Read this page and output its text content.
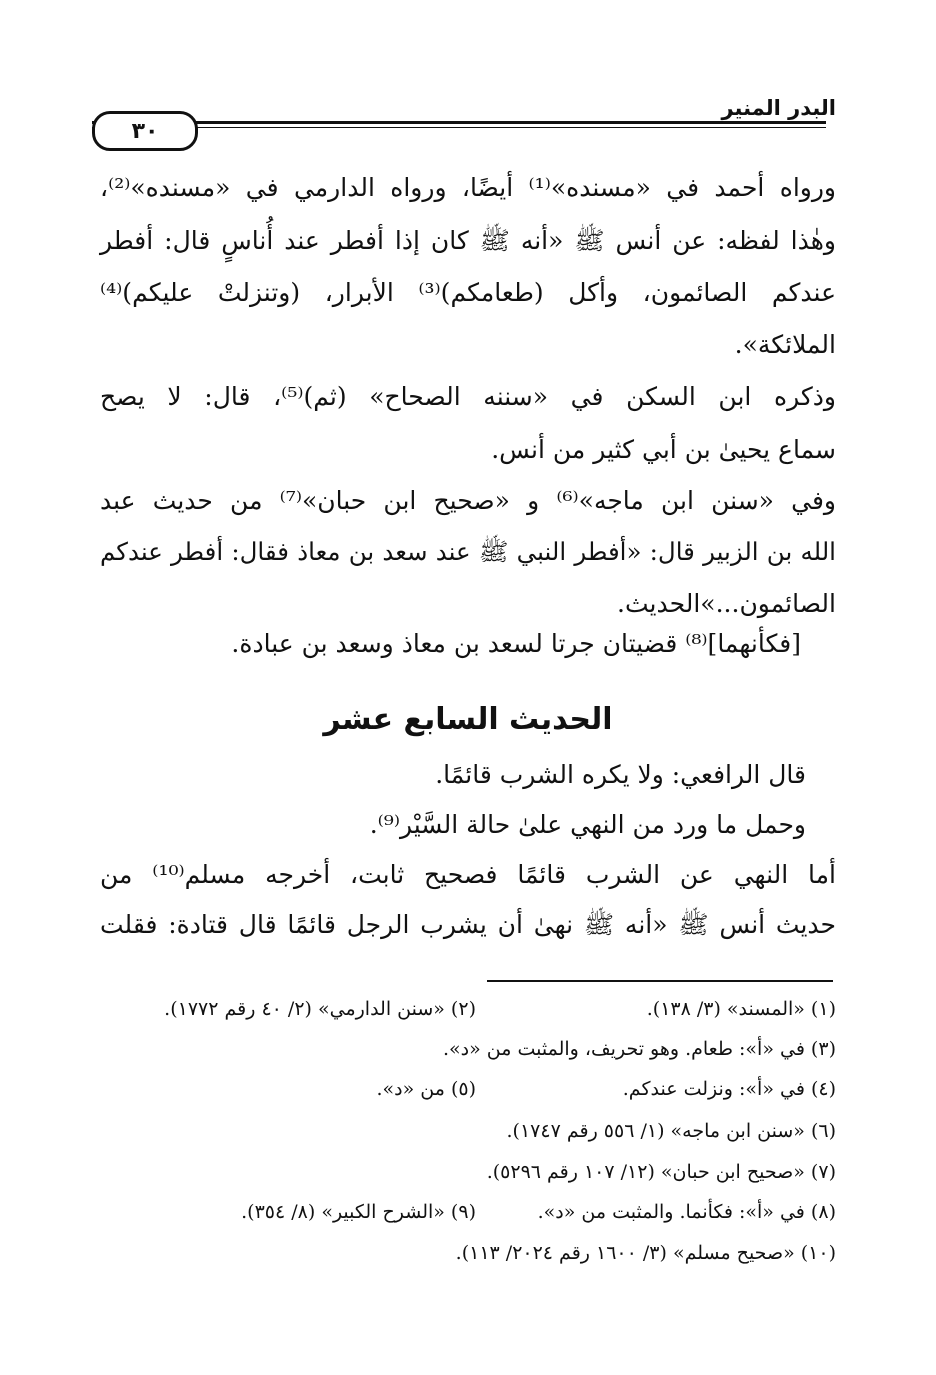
البدر المنير
٣٠
ورواه أحمد في «مسنده»⁽¹⁾ أيضًا، ورواه الدارمي في «مسنده»⁽²⁾،
وهٰذا لفظه: عن أنس ﷺ «أنه ﷺ كان إذا أفطر عند أُناسٍ قال: أفطر
عندكم الصائمون، وأكل (طعامكم)⁽³⁾ الأبرار، (وتنزلتْ عليكم)⁽⁴⁾
الملائكة».
وذكره ابن السكن في «سننه الصحاح» (ثم)⁽⁵⁾، قال: لا يصح
سماع يحيىٰ بن أبي كثير من أنس.
وفي «سنن ابن ماجه»⁽⁶⁾ و «صحيح ابن حبان»⁽⁷⁾ من حديث عبد
الله بن الزبير قال: «أفطر النبي ﷺ عند سعد بن معاذ فقال: أفطر عندكم
الصائمون...»الحديث.
[فكأنهما]⁽⁸⁾ قضيتان جرتا لسعد بن معاذ وسعد بن عبادة.
الحديث السابع عشر
قال الرافعي: ولا يكره الشرب قائمًا.
وحمل ما ورد من النهي علىٰ حالة السَّيْر⁽⁹⁾.
أما النهي عن الشرب قائمًا فصحيح ثابت، أخرجه مسلم⁽¹⁰⁾ من
حديث أنس ﷺ «أنه ﷺ نهىٰ أن يشرب الرجل قائمًا قال قتادة: فقلت
(١) «المسند» (٣/ ١٣٨).
(٢) «سنن الدارمي» (٢/ ٤٠ رقم ١٧٧٢).
(٣) في «أ»: طعام. وهو تحريف، والمثبت من «د».
(٤) في «أ»: ونزلت عندكم.
(٥) من «د».
(٦) «سنن ابن ماجه» (١/ ٥٥٦ رقم ١٧٤٧).
(٧) «صحيح ابن حبان» (١٢/ ١٠٧ رقم ٥٢٩٦).
(٨) في «أ»: فكأنما. والمثبت من «د».
(٩) «الشرح الكبير» (٨/ ٣٥٤).
(١٠) «صحيح مسلم» (٣/ ١٦٠٠ رقم ٢٠٢٤/ ١١٣).
